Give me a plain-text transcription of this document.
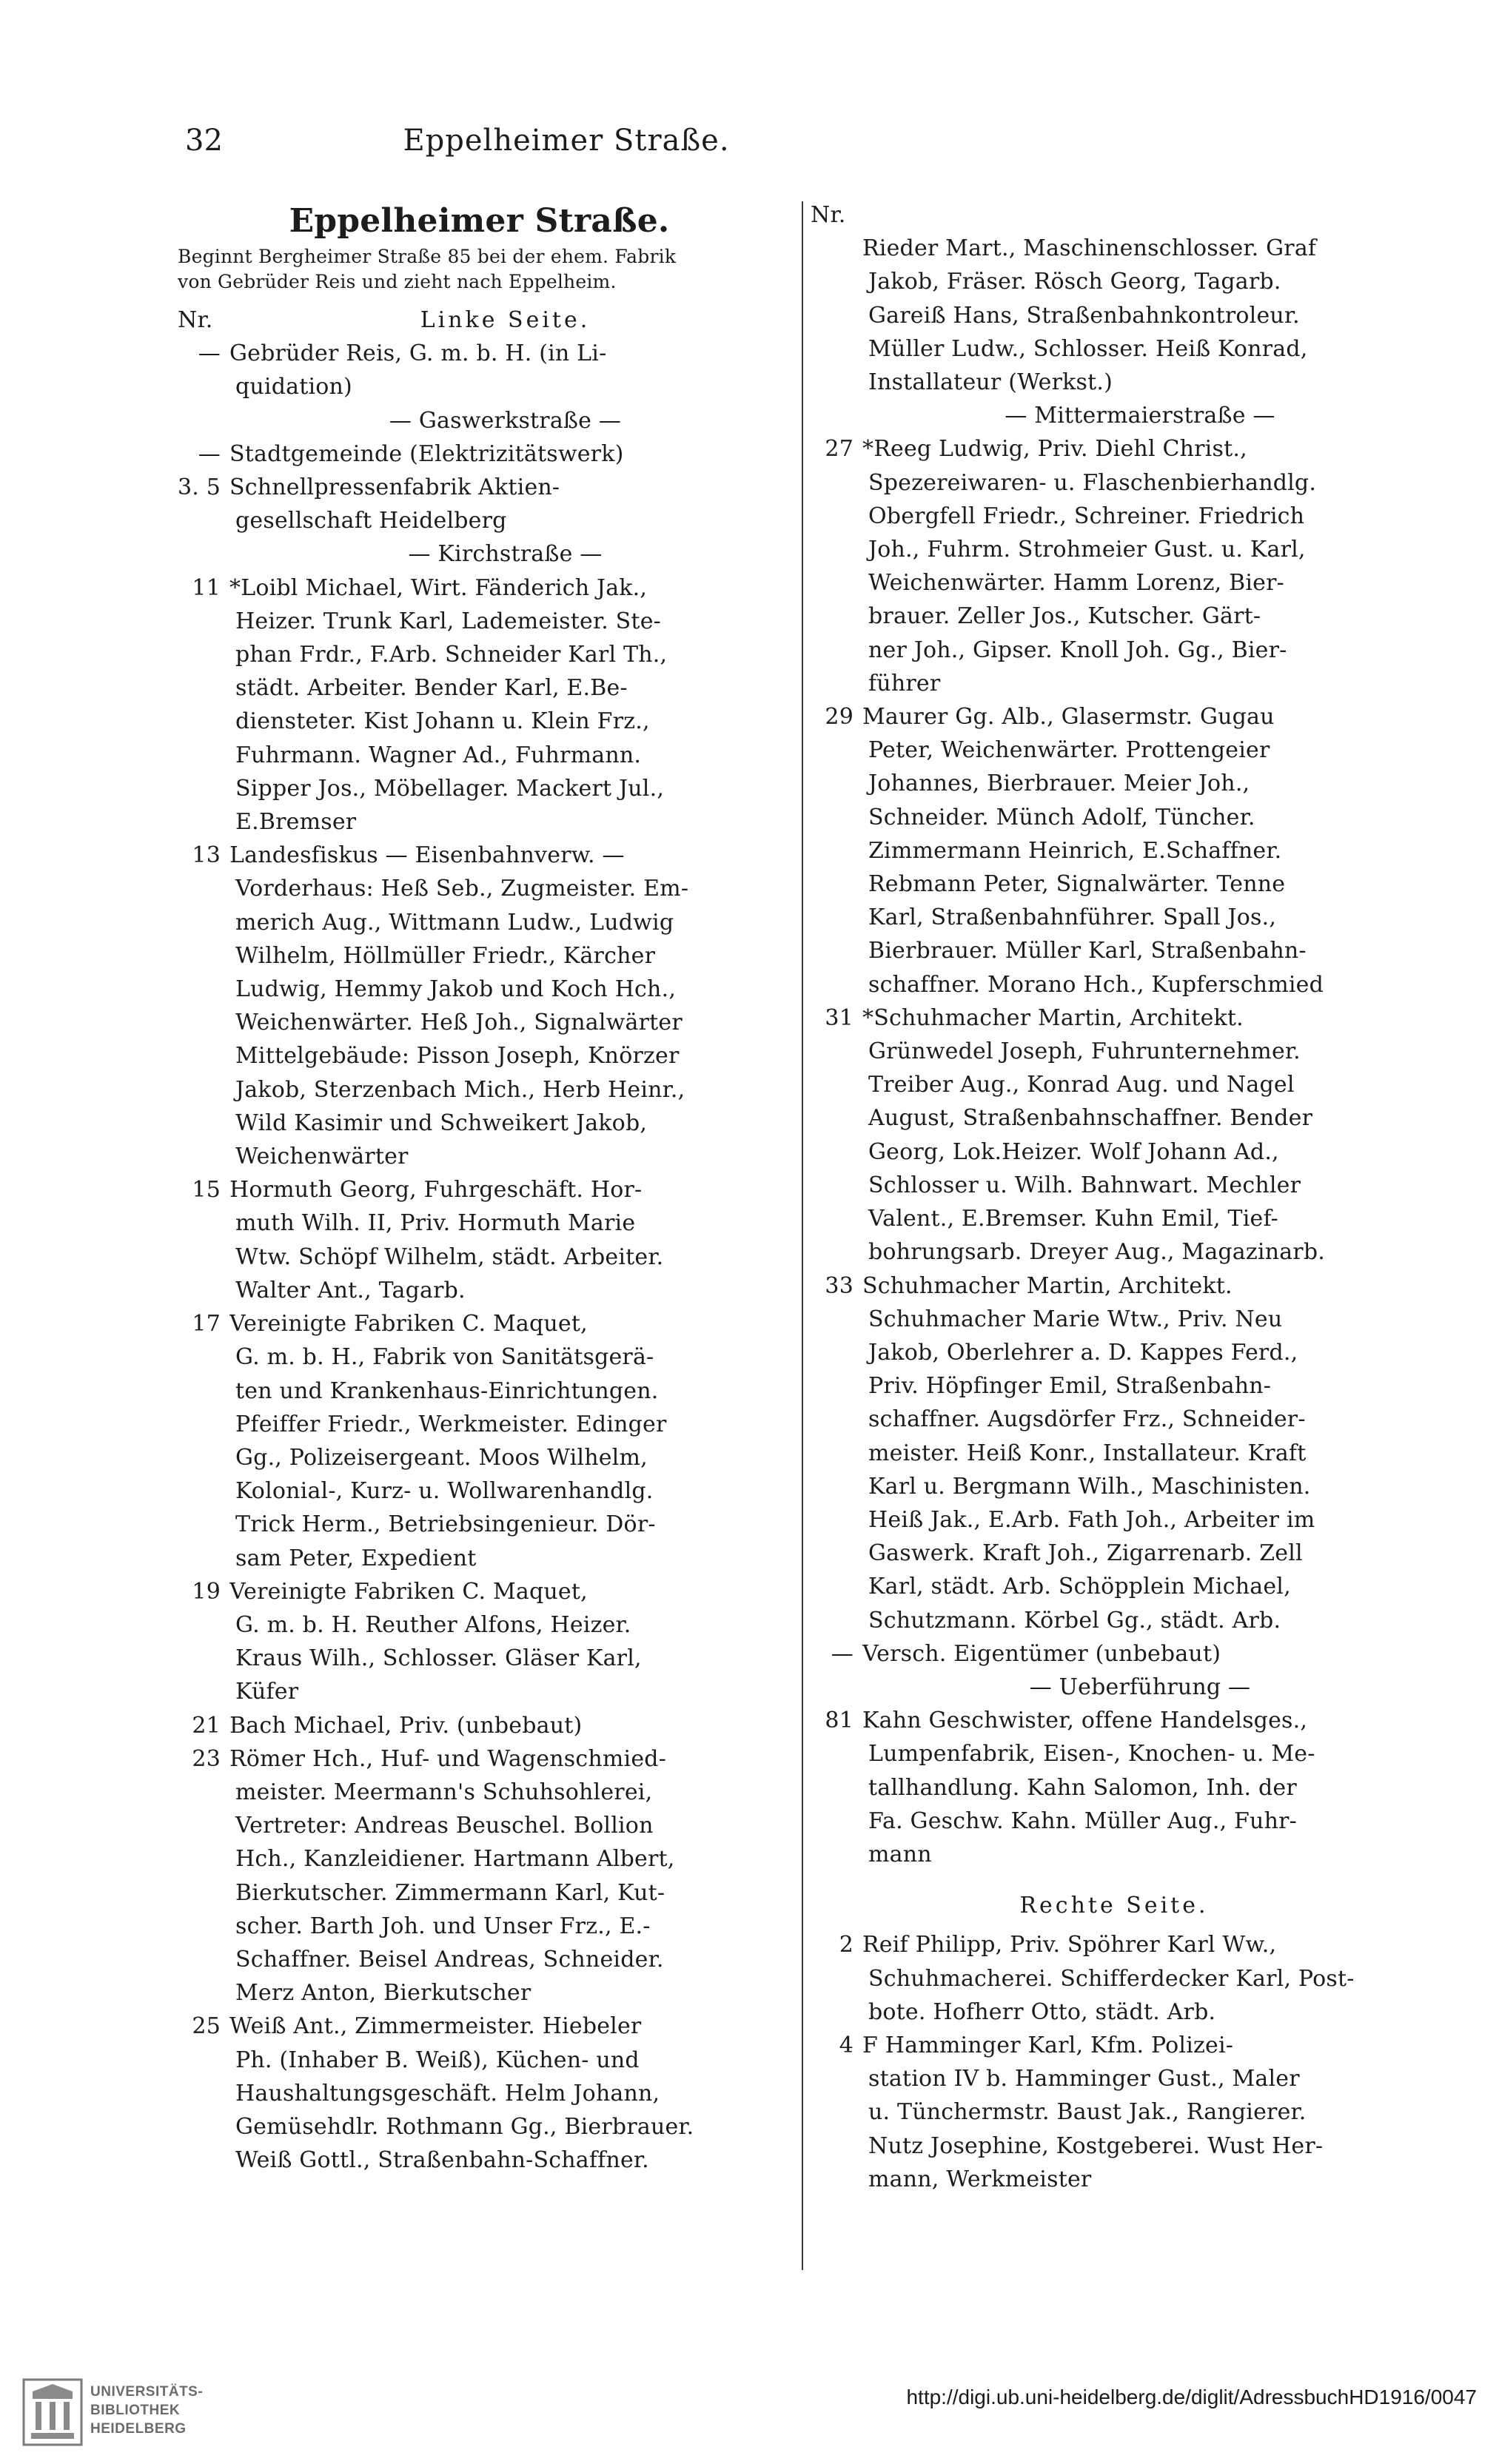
32	Eppelheimer Straße.
Eppelheimer Straße.
Beginnt Bergheimer Straße 85 bei der ehem. Fabrik
von Gebrüder Reis und zieht nach Eppelheim.
Nr.	Linke Seite.
— Gebrüder Reis, G. m. b. H. (in Li-
quidation)
— Gaswerkstraße —
— Stadtgemeinde (Elektrizitätswerk)
3. 5 Schnellpressenfabrik Aktien-
gesellschaft Heidelberg
— Kirchstraße —
11 *Loibl Michael, Wirt. Fänderich Jak.,
Heizer. Trunk Karl, Lademeister. Ste-
phan Frdr., F.Arb. Schneider Karl Th.,
städt. Arbeiter. Bender Karl, E.Be-
diensteter. Kist Johann u. Klein Frz.,
Fuhrmann. Wagner Ad., Fuhrmann.
Sipper Jos., Möbellager. Mackert Jul.,
E.Bremser
13 Landesfiskus — Eisenbahnverw. —
Vorderhaus: Heß Seb., Zugmeister. Em-
merich Aug., Wittmann Ludw., Ludwig
Wilhelm, Höllmüller Friedr., Kärcher
Ludwig, Hemmy Jakob und Koch Hch.,
Weichenwärter. Heß Joh., Signalwärter
Mittelgebäude: Pisson Joseph, Knörzer
Jakob, Sterzenbach Mich., Herb Heinr.,
Wild Kasimir und Schweikert Jakob,
Weichenwärter
15 Hormuth Georg, Fuhrgeschäft. Hor-
muth Wilh. II, Priv. Hormuth Marie
Wtw. Schöpf Wilhelm, städt. Arbeiter.
Walter Ant., Tagarb.
17 Vereinigte Fabriken C. Maquet,
G. m. b. H., Fabrik von Sanitätsgerä-
ten und Krankenhaus-Einrichtungen.
Pfeiffer Friedr., Werkmeister. Edinger
Gg., Polizeisergeant. Moos Wilhelm,
Kolonial-, Kurz- u. Wollwarenhandlg.
Trick Herm., Betriebsingenieur. Dör-
sam Peter, Expedient
19 Vereinigte Fabriken C. Maquet,
G. m. b. H. Reuther Alfons, Heizer.
Kraus Wilh., Schlosser. Gläser Karl,
Küfer
21 Bach Michael, Priv. (unbebaut)
23 Römer Hch., Huf- und Wagenschmied-
meister. Meermann's Schuhsohlerei,
Vertreter: Andreas Beuschel. Bollion
Hch., Kanzleidiener. Hartmann Albert,
Bierkutscher. Zimmermann Karl, Kut-
scher. Barth Joh. und Unser Frz., E.-
Schaffner. Beisel Andreas, Schneider.
Merz Anton, Bierkutscher
25 Weiß Ant., Zimmermeister. Hiebeler
Ph. (Inhaber B. Weiß), Küchen- und
Haushaltungsgeschäft. Helm Johann,
Gemüsehdlr. Rothmann Gg., Bierbrauer.
Weiß Gottl., Straßenbahn-Schaffner.
Nr.
Rieder Mart., Maschinenschlosser. Graf
Jakob, Fräser. Rösch Georg, Tagarb.
Gareiß Hans, Straßenbahnkontroleur.
Müller Ludw., Schlosser. Heiß Konrad,
Installateur (Werkst.)
— Mittermaierstraße —
27 *Reeg Ludwig, Priv. Diehl Christ.,
Spezereiwaren- u. Flaschenbierhandlg.
Obergfell Friedr., Schreiner. Friedrich
Joh., Fuhrm. Strohmeier Gust. u. Karl,
Weichenwärter. Hamm Lorenz, Bier-
brauer. Zeller Jos., Kutscher. Gärt-
ner Joh., Gipser. Knoll Joh. Gg., Bier-
führer
29 Maurer Gg. Alb., Glasermstr. Gugau
Peter, Weichenwärter. Prottengeier
Johannes, Bierbrauer. Meier Joh.,
Schneider. Münch Adolf, Tüncher.
Zimmermann Heinrich, E.Schaffner.
Rebmann Peter, Signalwärter. Tenne
Karl, Straßenbahnführer. Spall Jos.,
Bierbrauer. Müller Karl, Straßenbahn-
schaffner. Morano Hch., Kupferschmied
31 *Schuhmacher Martin, Architekt.
Grünwedel Joseph, Fuhrunternehmer.
Treiber Aug., Konrad Aug. und Nagel
August, Straßenbahnschaffner. Bender
Georg, Lok.Heizer. Wolf Johann Ad.,
Schlosser u. Wilh. Bahnwart. Mechler
Valent., E.Bremser. Kuhn Emil, Tief-
bohrungsarb. Dreyer Aug., Magazinarb.
33 Schuhmacher Martin, Architekt.
Schuhmacher Marie Wtw., Priv. Neu
Jakob, Oberlehrer a. D. Kappes Ferd.,
Priv. Höpfinger Emil, Straßenbahn-
schaffner. Augsdörfer Frz., Schneider-
meister. Heiß Konr., Installateur. Kraft
Karl u. Bergmann Wilh., Maschinisten.
Heiß Jak., E.Arb. Fath Joh., Arbeiter im
Gaswerk. Kraft Joh., Zigarrenarb. Zell
Karl, städt. Arb. Schöpplein Michael,
Schutzmann. Körbel Gg., städt. Arb.
— Versch. Eigentümer (unbebaut)
— Ueberführung —
81 Kahn Geschwister, offene Handelsges.,
Lumpenfabrik, Eisen-, Knochen- u. Me-
tallhandlung. Kahn Salomon, Inh. der
Fa. Geschw. Kahn. Müller Aug., Fuhr-
mann
Rechte Seite.
2 Reif Philipp, Priv. Spöhrer Karl Ww.,
Schuhmacherei. Schifferdecker Karl, Post-
bote. Hofherr Otto, städt. Arb.
4 F Hamminger Karl, Kfm. Polizei-
station IV b. Hamminger Gust., Maler
u. Tünchermstr. Baust Jak., Rangierer.
Nutz Josephine, Kostgeberei. Wust Her-
mann, Werkmeister
UNIVERSITÄTS-
BIBLIOTHEK
HEIDELBERG
http://digi.ub.uni-heidelberg.de/diglit/AdressbuchHD1916/0047
